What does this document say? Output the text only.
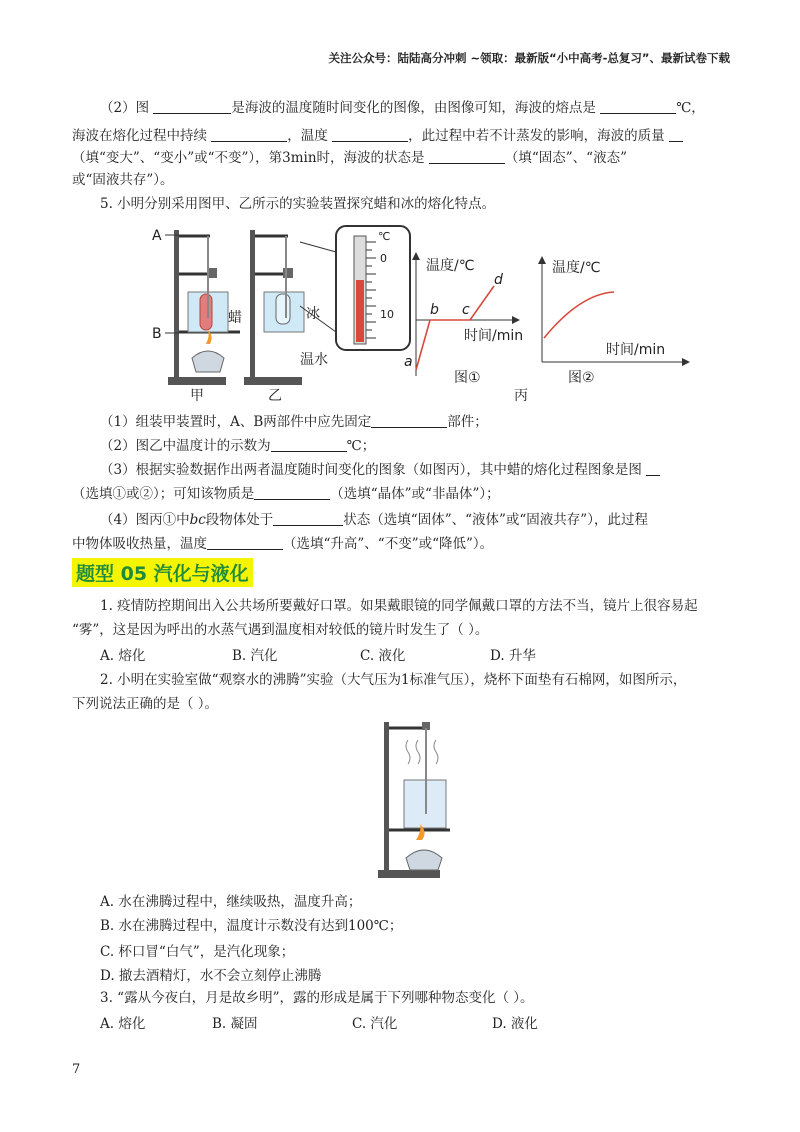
关注公众号：陆陆高分冲刺 ~领取：最新版“小中高考-总复习”、最新试卷下载
（2）图	是海波的温度随时间变化的图像，由图像可知，海波的熔点是	℃，
海波在熔化过程中持续	，温度	，此过程中若不计蒸发的影响，海波的质量
（填“变大”、“变小”或“不变”），第3min时，海波的状态是	（填“固态”、“液态”
或“固液共存”）。
5. 小明分别采用图甲、乙所示的实验装置探究蜡和冰的熔化特点。
A
B
蜡
甲
冰
温水
乙
℃
0
10
温度/℃
时间/min
a
b c
d
图①
温度/℃
时间/min
图②
丙
（1）组装甲装置时，A、B两部件中应先固定	部件；
（2）图乙中温度计的示数为	℃；
（3）根据实验数据作出两者温度随时间变化的图象（如图丙），其中蜡的熔化过程图象是图
（选填①或②）；可知该物质是	（选填“晶体”或“非晶体”）；
（4）图丙①中bc段物体处于	状态（选填“固体”、“液体”或“固液共存”），此过程
中物体吸收热量，温度	（选填“升高”、“不变”或“降低”）。
题型 05 汽化与液化
1. 疫情防控期间出入公共场所要戴好口罩。如果戴眼镜的同学佩戴口罩的方法不当，镜片上很容易起
“雾”，这是因为呼出的水蒸气遇到温度相对较低的镜片时发生了（ ）。
A. 熔化	B. 汽化	C. 液化	D. 升华
2. 小明在实验室做“观察水的沸腾”实验（大气压为1标准气压），烧杯下面垫有石棉网，如图所示，
下列说法正确的是（ ）。
A. 水在沸腾过程中，继续吸热，温度升高；
B. 水在沸腾过程中，温度计示数没有达到100℃；
C. 杯口冒“白气”，是汽化现象；
D. 撤去酒精灯，水不会立刻停止沸腾
3. “露从今夜白，月是故乡明”，露的形成是属于下列哪种物态变化（ ）。
A. 熔化	B. 凝固	C. 汽化	D. 液化
7
